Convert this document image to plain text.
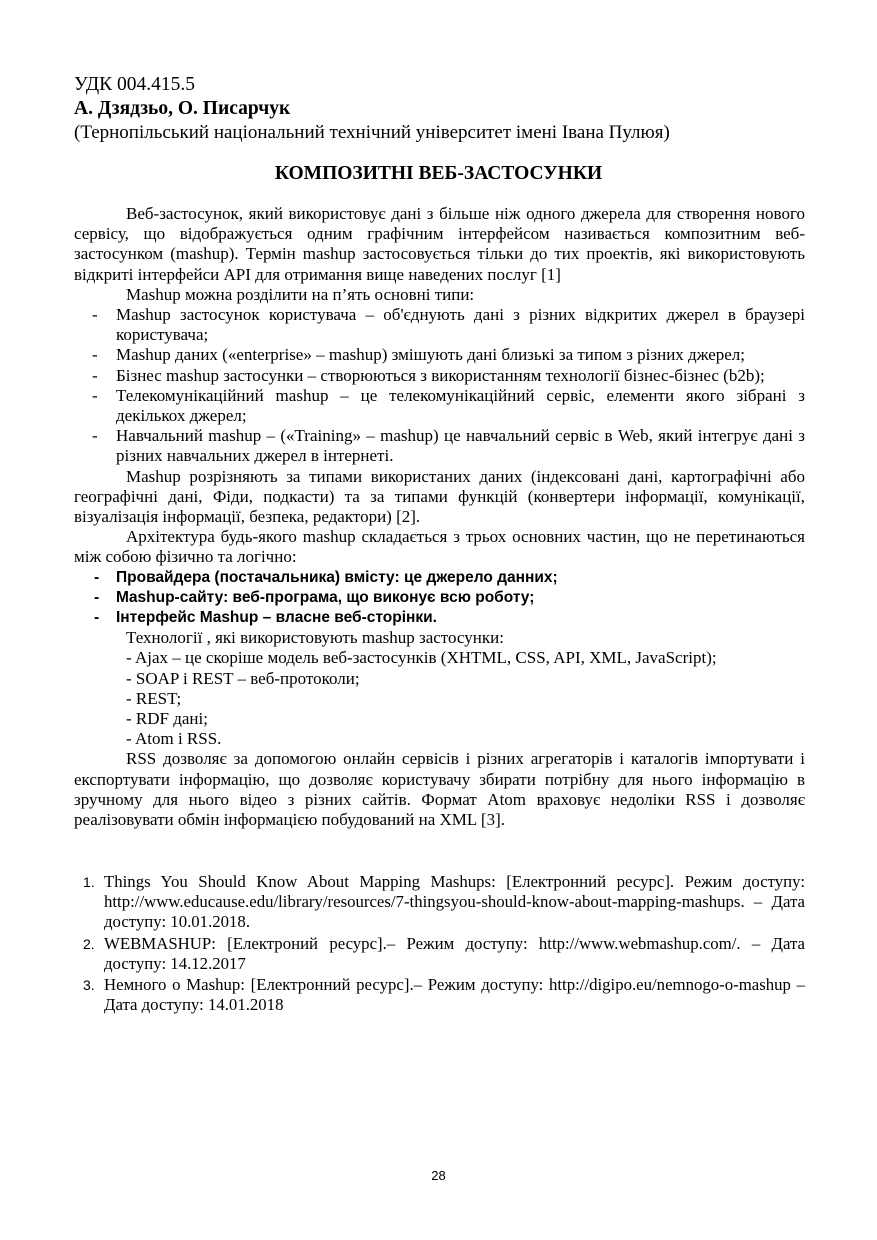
УДК 004.415.5
А. Дзядзьо, О. Писарчук
(Тернопільський національний технічний університет імені Івана Пулюя)
КОМПОЗИТНІ ВЕБ-ЗАСТОСУНКИ

Веб-застосунок, який використовує дані з більше ніж одного джерела для створення нового сервісу, що відображується одним графічним інтерфейсом називається композитним веб-застосунком (mashup). Термін mashup застосовується тільки до тих проектів, які використовують відкриті інтерфейси API для отримання вище наведених послуг [1]

Mashup можна розділити на п’ять основні типи:

- Mashup застосунок користувача – об'єднують дані з різних відкритих джерел в браузері користувача;
- Mashup даних («enterprise» – mashup) змішують дані близькі за типом з різних джерел;
- Бізнес mashup застосунки – створюються з використанням технології бізнес-бізнес (b2b);
- Телекомунікаційний mashup – це телекомунікаційний сервіс, елементи якого зібрані з декількох джерел;
- Навчальний mashup – («Training» – mashup) це навчальний сервіс в Web, який інтегрує дані з різних навчальних джерел в інтернеті.

Mashup розрізняють за типами використаних даних (індексовані дані, картографічні або географічні дані, Фіди, подкасти) та за типами функцій (конвертери інформації, комунікації, візуалізація інформації, безпека, редактори) [2].

Архітектура будь-якого mashup складається з трьох основних частин, що не перетинаються між собою фізично та логічно:

- Провайдера (постачальника) вмісту: це джерело данних;
- Mashup-сайту: веб-програма, що виконує всю роботу;
- Інтерфейс Mashup – власне веб-сторінки.

Технології , які використовують mashup застосунки:

- Ajax – це скоріше модель веб-застосунків (XHTML, CSS, API, XML, JavaScript);

- SOAP і REST – веб-протоколи;

- REST;

- RDF дані;

- Atom і RSS.

RSS дозволяє за допомогою онлайн сервісів і різних агрегаторів і каталогів імпортувати і експортувати інформацію, що дозволяє користувачу збирати потрібну для нього інформацію в зручному для нього відео з різних сайтів. Формат Atom враховує недоліки RSS і дозволяє реалізовувати обмін інформацією побудований на XML [3].

1. Things You Should Know About Mapping Mashups: [Електронний ресурс]. Режим доступу: http://www.educause.edu/library/resources/7-thingsyou-should-know-about-mapping-mashups. – Дата доступу: 10.01.2018.
2. WEBMASHUP: [Електроний ресурс].– Режим доступу: http://www.webmashup.com/. – Дата доступу: 14.12.2017
3. Немного о Mashup: [Електронний ресурс].– Режим доступу: http://digipo.eu/nemnogo-o-mashup – Дата доступу: 14.01.2018
28
